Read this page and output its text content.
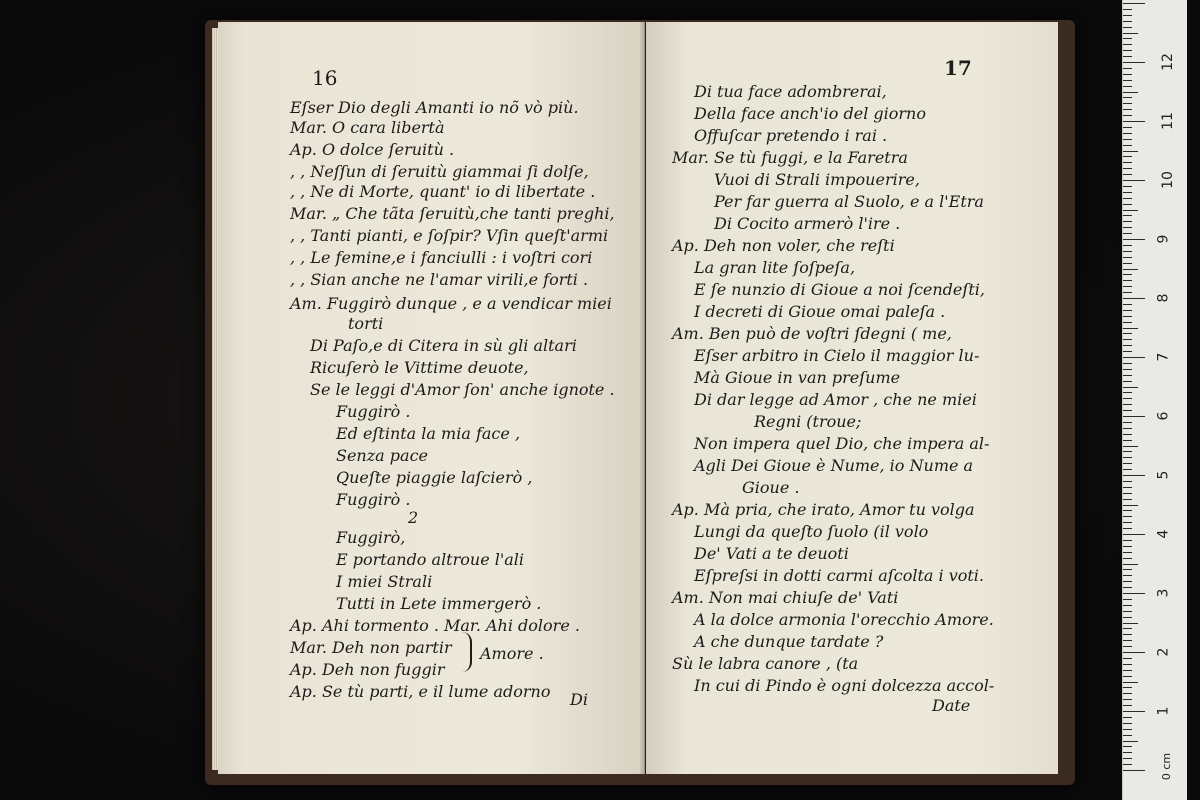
16
Eſser Dio degli Amanti io nõ vò più.
Mar. O cara libertà
Ap. O dolce ſeruitù .
, , Neſſun di ſeruitù giammai ſi dolſe,
, , Ne di Morte, quant' io di libertate .
Mar. „ Che tãta ſeruitù,che tanti preghi,
, , Tanti pianti, e ſoſpir? Vſin queſt'armi
, , Le femine,e i fanciulli : i voſtri cori
, , Sian anche ne l'amar virili,e forti .
Am. Fuggirò dunque , e a vendicar miei
torti
Di Paſo,e di Citera in sù gli altari
Ricuſerò le Vittime deuote,
Se le leggi d'Amor ſon' anche ignote .
Fuggirò .
Ed eſtinta la mia face ,
Senza pace
Queſte piaggie laſcierò ,
Fuggirò .
2
Fuggirò,
E portando altroue l'ali
I miei Strali
Tutti in Lete immergerò .
Ap. Ahi tormento . Mar. Ahi dolore .
Mar. Deh non partir
Ap. Deh non fuggir
Amore .
Ap. Se tù parti, e il lume adorno Di
17
Di tua face adombrerai,
Della face anch'io del giorno
Offuſcar pretendo i rai .
Mar. Se tù fuggi, e la Faretra
Vuoi di Strali impouerire,
Per far guerra al Suolo, e a l'Etra
Di Cocito armerò l'ire .
Ap. Deh non voler, che reſti
La gran lite ſoſpeſa,
E ſe nunzio di Gioue a noi ſcendeſti,
I decreti di Gioue omai paleſa .
Am. Ben può de voſtri ſdegni ( me,
Eſser arbitro in Cielo il maggior lu-
Mà Gioue in van preſume
Di dar legge ad Amor , che ne miei
Regni (troue;
Non impera quel Dio, che impera al-
Agli Dei Gioue è Nume, io Nume a
Gioue .
Ap. Mà pria, che irato, Amor tu volga
Lungi da queſto ſuolo (il volo
De' Vati a te deuoti
Eſpreſsi in dotti carmi aſcolta i voti.
Am. Non mai chiuſe de' Vati
A la dolce armonia l'orecchio Amore.
A che dunque tardate ?
Sù le labra canore , (ta
In cui di Pindo è ogni dolcezza accol-
Date	1
2
3
4
5
6
7
8
9
10
11
12
0 cm
